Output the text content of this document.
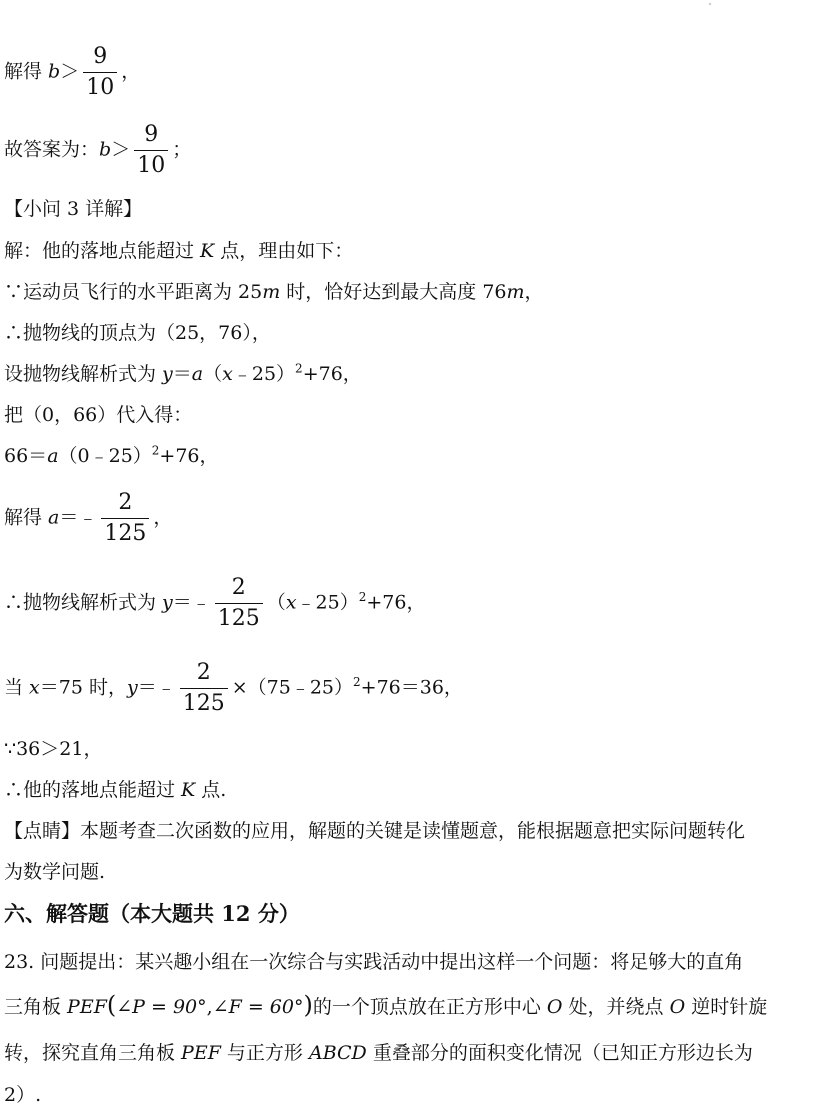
解得 $b> \frac{9}{10}$ ，
故答案为：$b> \frac{9}{10}$ ；
【小问 3 详解】
解：他的落地点能超过 K 点，理由如下：
∵运动员飞行的水平距离为 25m 时，恰好达到最大高度 76m，
∴抛物线的顶点为（25，76），
设抛物线解析式为 y＝a（x﹣25）$^2$+76，
把（0，66）代入得：
66＝a（0﹣25）$^2$+76，
解得 a＝﹣ $\frac{2}{125}$ ，
∴抛物线解析式为 y＝﹣ $\frac{2}{125}$ （x﹣25）$^2$+76，
当 x＝75 时，y＝﹣ $\frac{2}{125}$ ×（75﹣25）$^2$+76＝36，
∵36＞21，
∴他的落地点能超过 K 点.
【点睛】本题考查二次函数的应用，解题的关键是读懂题意，能根据题意把实际问题转化
为数学问题.
六、解答题（本大题共 12 分）
23. 问题提出：某兴趣小组在一次综合与实践活动中提出这样一个问题：将足够大的直角
三角板 PEF(∠P = 90°,∠F = 60°)的一个顶点放在正方形中心 O 处，并绕点 O 逆时针旋
转，探究直角三角板 PEF 与正方形 ABCD 重叠部分的面积变化情况（已知正方形边长为
2）.
